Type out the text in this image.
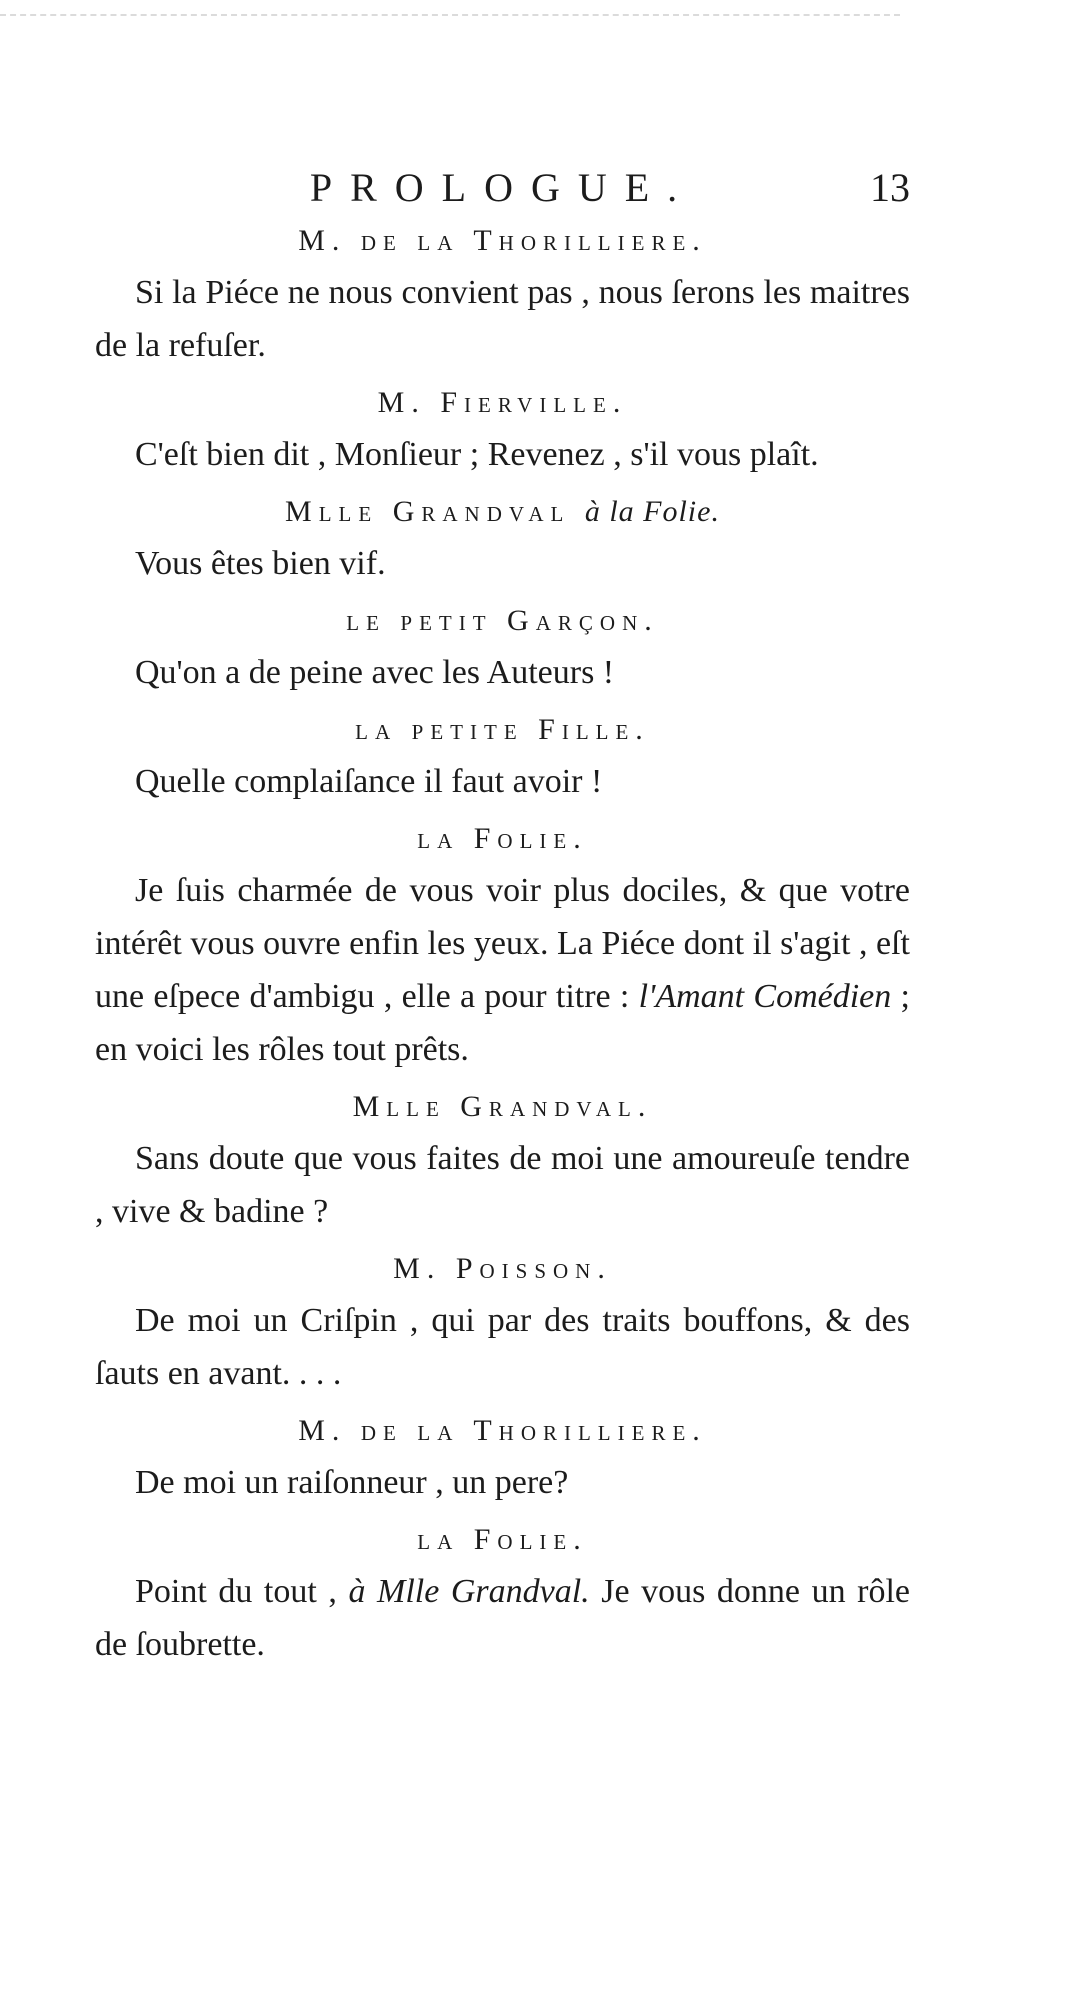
PROLOGUE.	13
M. de la Thorilliere.

Si la Piéce ne nous convient pas , nous ſerons les maitres de la refuſer.

M. Fierville.

C'eſt bien dit , Monſieur ; Revenez , s'il vous plaît.

Mlle Grandval à la Folie.

Vous êtes bien vif.

le petit Garçon.

Qu'on a de peine avec les Auteurs !

la petite Fille.

Quelle complaiſance il faut avoir !

la Folie.

Je ſuis charmée de vous voir plus dociles, & que votre intérêt vous ouvre enfin les yeux. La Piéce dont il s'agit , eſt une eſpece d'ambigu , elle a pour titre : l'Amant Comédien ; en voici les rôles tout prêts.

Mlle Grandval.

Sans doute que vous faites de moi une amoureuſe tendre , vive & badine ?

M. Poisson.

De moi un Criſpin , qui par des traits bouffons, & des ſauts en avant. . . .

M. de la Thorilliere.

De moi un raiſonneur , un pere?

la Folie.

Point du tout , à Mlle Grandval. Je vous donne un rôle de ſoubrette.
